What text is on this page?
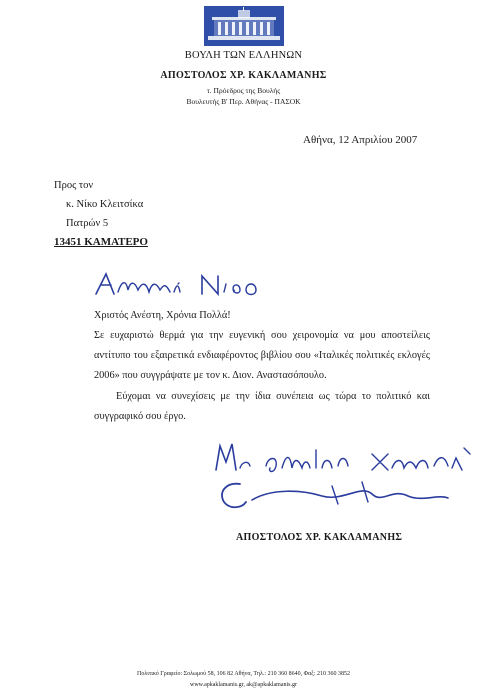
ΒΟΥΛΗ ΤΩΝ ΕΛΛΗΝΩΝ
ΑΠΟΣΤΟΛΟΣ ΧΡ. ΚΑΚΛΑΜΑΝΗΣ
τ. Πρόεδρος της Βουλής
Βουλευτής Β' Περ. Αθήνας - ΠΑΣΟΚ
Αθήνα, 12 Απριλίου 2007
Προς τον
κ. Νίκο Κλειτσίκα
Πατρών 5
13451 ΚΑΜΑΤΕΡΟ
Χριστός Ανέστη, Χρόνια Πολλά!
Σε ευχαριστώ θερμά για την ευγενική σου χειρονομία να μου αποστείλεις
αντίτυπο του εξαιρετικά ενδιαφέροντος βιβλίου σου «Ιταλικές πολιτικές εκλογές
2006» που συγγράψατε με τον κ. Διον. Αναστασόπουλο.
Εύχομαι να συνεχίσεις με την ίδια συνέπεια ως τώρα το πολιτικό και
συγγραφικό σου έργο.
ΑΠΟΣΤΟΛΟΣ ΧΡ. ΚΑΚΛΑΜΑΝΗΣ
Πολιτικό Γραφείο: Σολωμού 58, 106 82 Αθήνα, Τηλ.: 210 360 8640, Φαξ: 210 360 3852
www.apkaklamanis.gr, ak@apkaklamanis.gr
